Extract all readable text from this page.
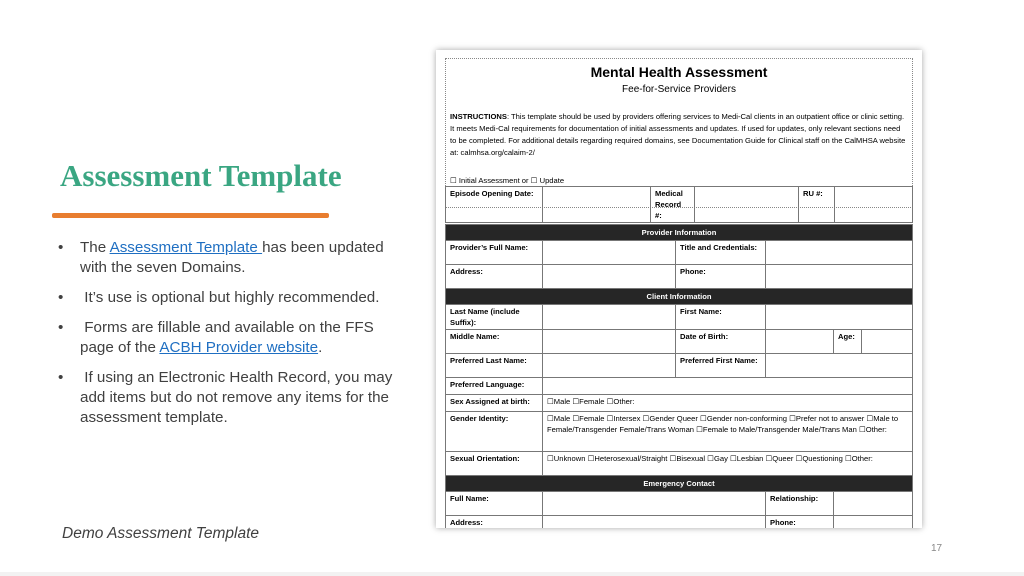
Assessment Template
• The Assessment Template has been updated with the seven Domains.
• It’s use is optional but highly recommended.
• Forms are fillable and available on the FFS page of the ACBH Provider website.
• If using an Electronic Health Record, you may add items but do not remove any items for the assessment template.
Demo Assessment Template
17
Mental Health Assessment
Fee-for-Service Providers
INSTRUCTIONS: This template should be used by providers offering services to Medi-Cal clients in an outpatient office or clinic setting. It meets Medi-Cal requirements for documentation of initial assessments and updates. If used for updates, only relevant sections need to be completed. For additional details regarding required domains, see Documentation Guide for Clinical staff on the CalMHSA website at: calmhsa.org/calaim-2/
☐ Initial Assessment or ☐ Update
Episode Opening Date:		Medical Record #:		RU #:	
Provider Information					
Provider’s Full Name:		Title and Credentials:			
Address:		Phone:			
Client Information					
Last Name (include Suffix):		First Name:			
Middle Name:		Date of Birth:		Age:	
Preferred Last Name:		Preferred First Name:			
Preferred Language:					
Sex Assigned at birth:	☐Male ☐Female ☐Other:				
Gender Identity:	☐Male ☐Female ☐Intersex ☐Gender Queer ☐Gender non-conforming ☐Prefer not to answer ☐Male to Female/Transgender Female/Trans Woman ☐Female to Male/Transgender Male/Trans Man ☐Other:				
Sexual Orientation:	☐Unknown ☐Heterosexual/Straight ☐Bisexual ☐Gay ☐Lesbian ☐Queer ☐Questioning ☐Other:				
Emergency Contact					
Full Name:			Relationship:		
Address:			Phone:		
